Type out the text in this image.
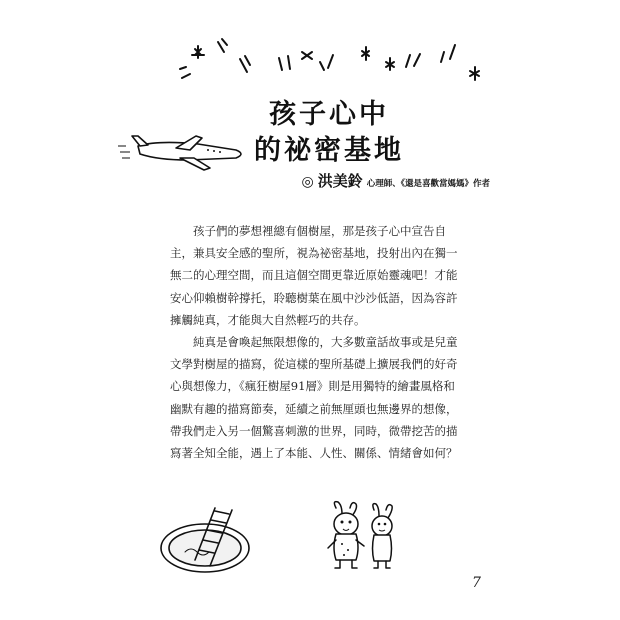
孩子心中
的祕密基地
◎ 洪美鈴 心理師、《還是喜歡當媽媽》作者

孩子們的夢想裡總有個樹屋，那是孩子心中宣告自
主，兼具安全感的聖所，視為祕密基地，投射出內在獨一
無二的心理空間，而且這個空間更靠近原始靈魂吧！才能
安心仰賴樹幹撐托，聆聽樹葉在風中沙沙低語，因為容許
擁觸純真，才能與大自然輕巧的共存。

純真是會喚起無限想像的，大多數童話故事或是兒童
文學對樹屋的描寫，從這樣的聖所基礎上擴展我們的好奇
心與想像力，《瘋狂樹屋91層》則是用獨特的繪畫風格和
幽默有趣的描寫節奏，延續之前無厘頭也無邊界的想像，
帶我們走入另一個驚喜刺激的世界，同時，微帶挖苦的描
寫著全知全能，遇上了本能、人性、關係、情緒會如何？

7
